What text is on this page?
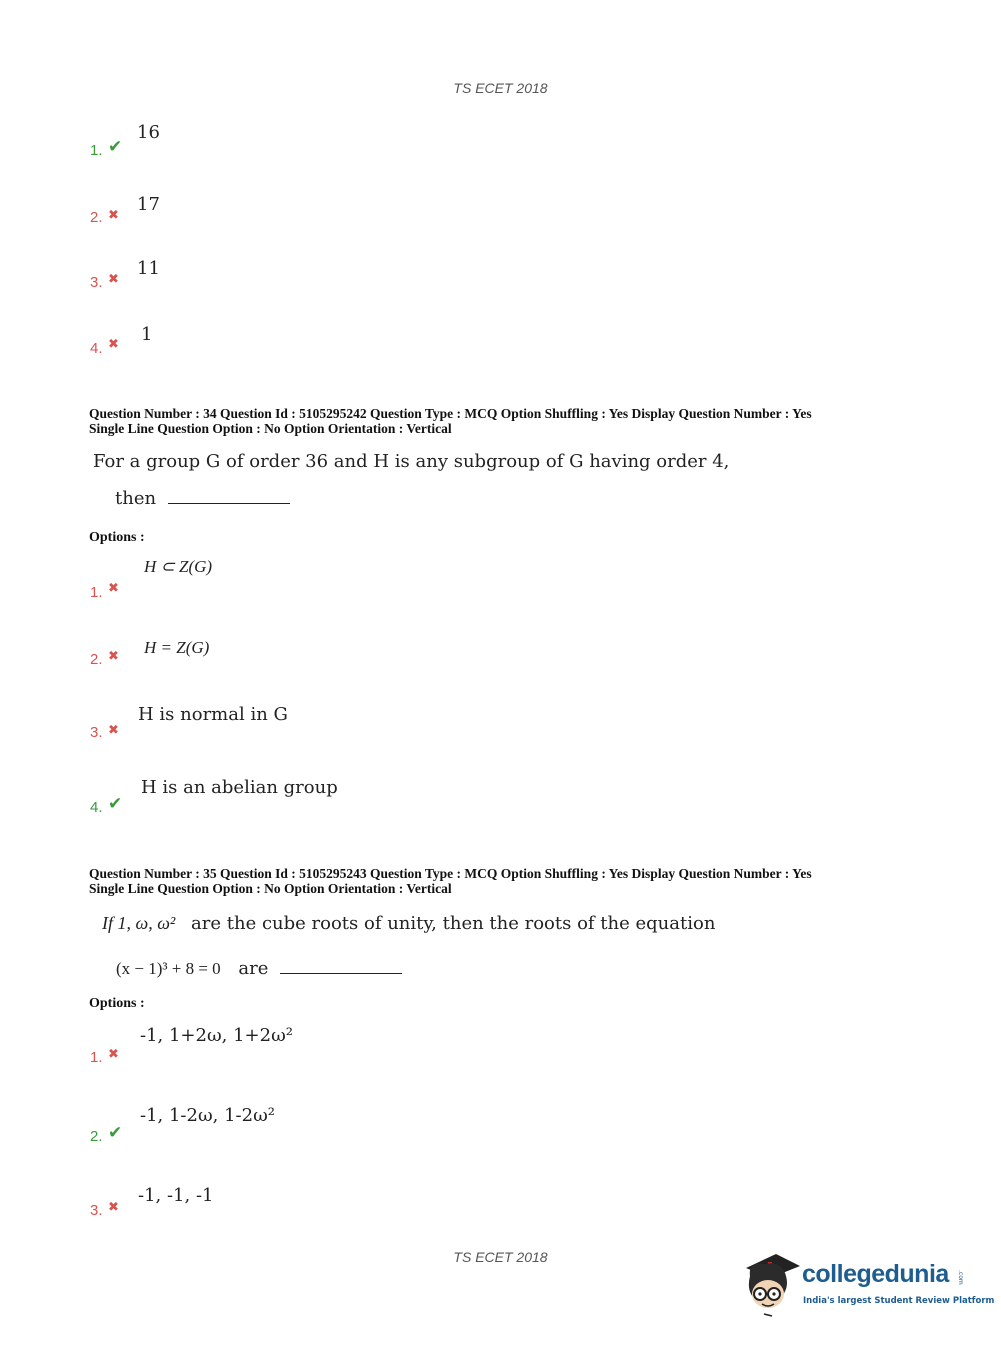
TS ECET 2018
1. ✔
16
2. ✖
17
3. ✖
11
4. ✖ 1
Question Number : 34 Question Id : 5105295242 Question Type : MCQ Option Shuffling : Yes Display Question Number : Yes
Single Line Question Option : No Option Orientation : Vertical
For a group G of order 36 and H is any subgroup of G having order 4,
then
Options :
1. ✖
H ⊂ Z(G)
2. ✖ H = Z(G)
3. ✖
H is normal in G
4. ✔
H is an abelian group
Question Number : 35 Question Id : 5105295243 Question Type : MCQ Option Shuffling : Yes Display Question Number : Yes
Single Line Question Option : No Option Orientation : Vertical
If 1, ω, ω² are the cube roots of unity, then the roots of the equation
(x − 1)³ + 8 = 0 are
Options :
1. ✖
-1, 1+2ω, 1+2ω²
2. ✔
-1, 1-2ω, 1-2ω²
3. ✖
-1, -1, -1
TS ECET 2018
collegedunia .com
India's largest Student Review Platform
